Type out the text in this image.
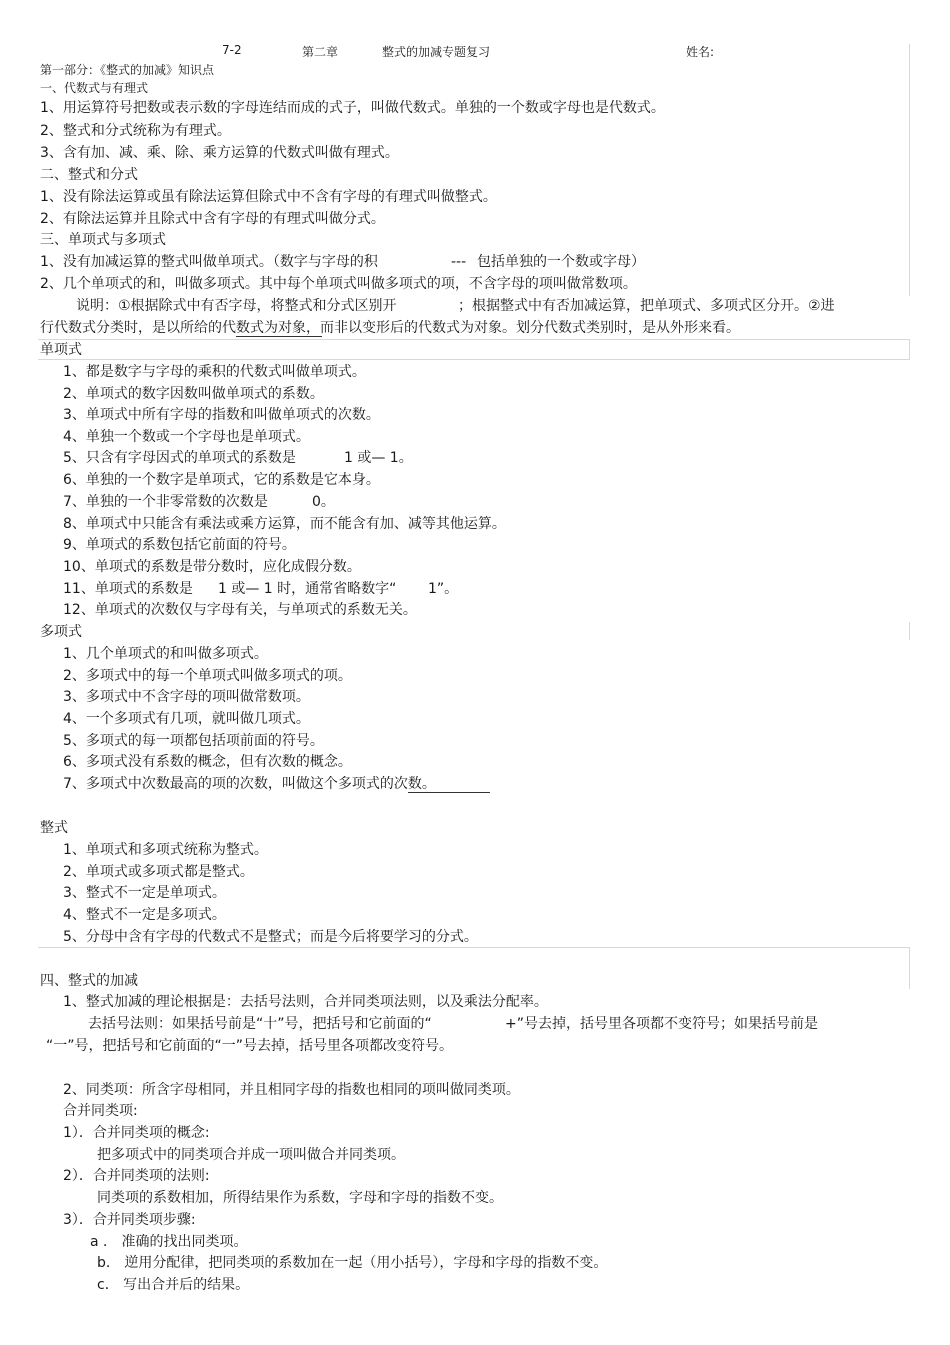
7-2	第二章	整式的加减专题复习	姓名:
第一部分：《整式的加减》知识点
一、代数式与有理式
1、用运算符号把数或表示数的字母连结而成的式子，叫做代数式。单独的一个数或字母也是代数式。
2、整式和分式统称为有理式。
3、含有加、减、乘、除、乘方运算的代数式叫做有理式。
二、整式和分式
1、没有除法运算或虽有除法运算但除式中不含有字母的有理式叫做整式。
2、有除法运算并且除式中含有字母的有理式叫做分式。
三、单项式与多项式
1、没有加减运算的整式叫做单项式。（数字与字母的积	--- 包括单独的一个数或字母）
2、几个单项式的和，叫做多项式。其中每个单项式叫做多项式的项，不含字母的项叫做常数项。
说明：①根据除式中有否字母，将整式和分式区别开	；根据整式中有否加减运算，把单项式、多项式区分开。②进
行代数式分类时，是以所给的代数式为对象，而非以变形后的代数式为对象。划分代数式类别时，是从外形来看。
单项式
1、都是数字与字母的乘积的代数式叫做单项式。
2、单项式的数字因数叫做单项式的系数。
3、单项式中所有字母的指数和叫做单项式的次数。
4、单独一个数或一个字母也是单项式。
5、只含有字母因式的单项式的系数是	1 或— 1。
6、单独的一个数字是单项式，它的系数是它本身。
7、单独的一个非零常数的次数是	0。
8、单项式中只能含有乘法或乘方运算，而不能含有加、减等其他运算。
9、单项式的系数包括它前面的符号。
10、单项式的系数是带分数时，应化成假分数。
11、单项式的系数是 1 或— 1 时，通常省略数字“ 1”。
12、单项式的次数仅与字母有关，与单项式的系数无关。
多项式
1、几个单项式的和叫做多项式。
2、多项式中的每一个单项式叫做多项式的项。
3、多项式中不含字母的项叫做常数项。
4、一个多项式有几项，就叫做几项式。
5、多项式的每一项都包括项前面的符号。
6、多项式没有系数的概念，但有次数的概念。
7、多项式中次数最高的项的次数，叫做这个多项式的次数。
整式
1、单项式和多项式统称为整式。
2、单项式或多项式都是整式。
3、整式不一定是单项式。
4、整式不一定是多项式。
5、分母中含有字母的代数式不是整式；而是今后将要学习的分式。
四、整式的加减
1、整式加减的理论根据是：去括号法则，合并同类项法则，以及乘法分配率。
去括号法则：如果括号前是“十”号，把括号和它前面的“	+”号去掉，括号里各项都不变符号；如果括号前是
“一”号，把括号和它前面的“一”号去掉，括号里各项都改变符号。
2、同类项：所含字母相同，并且相同字母的指数也相同的项叫做同类项。
合并同类项:
1）．合并同类项的概念:
把多项式中的同类项合并成一项叫做合并同类项。
2）．合并同类项的法则:
同类项的系数相加，所得结果作为系数，字母和字母的指数不变。
3）．合并同类项步骤:
a ． 准确的找出同类项。
b． 逆用分配律，把同类项的系数加在一起（用小括号），字母和字母的指数不变。
c． 写出合并后的结果。
